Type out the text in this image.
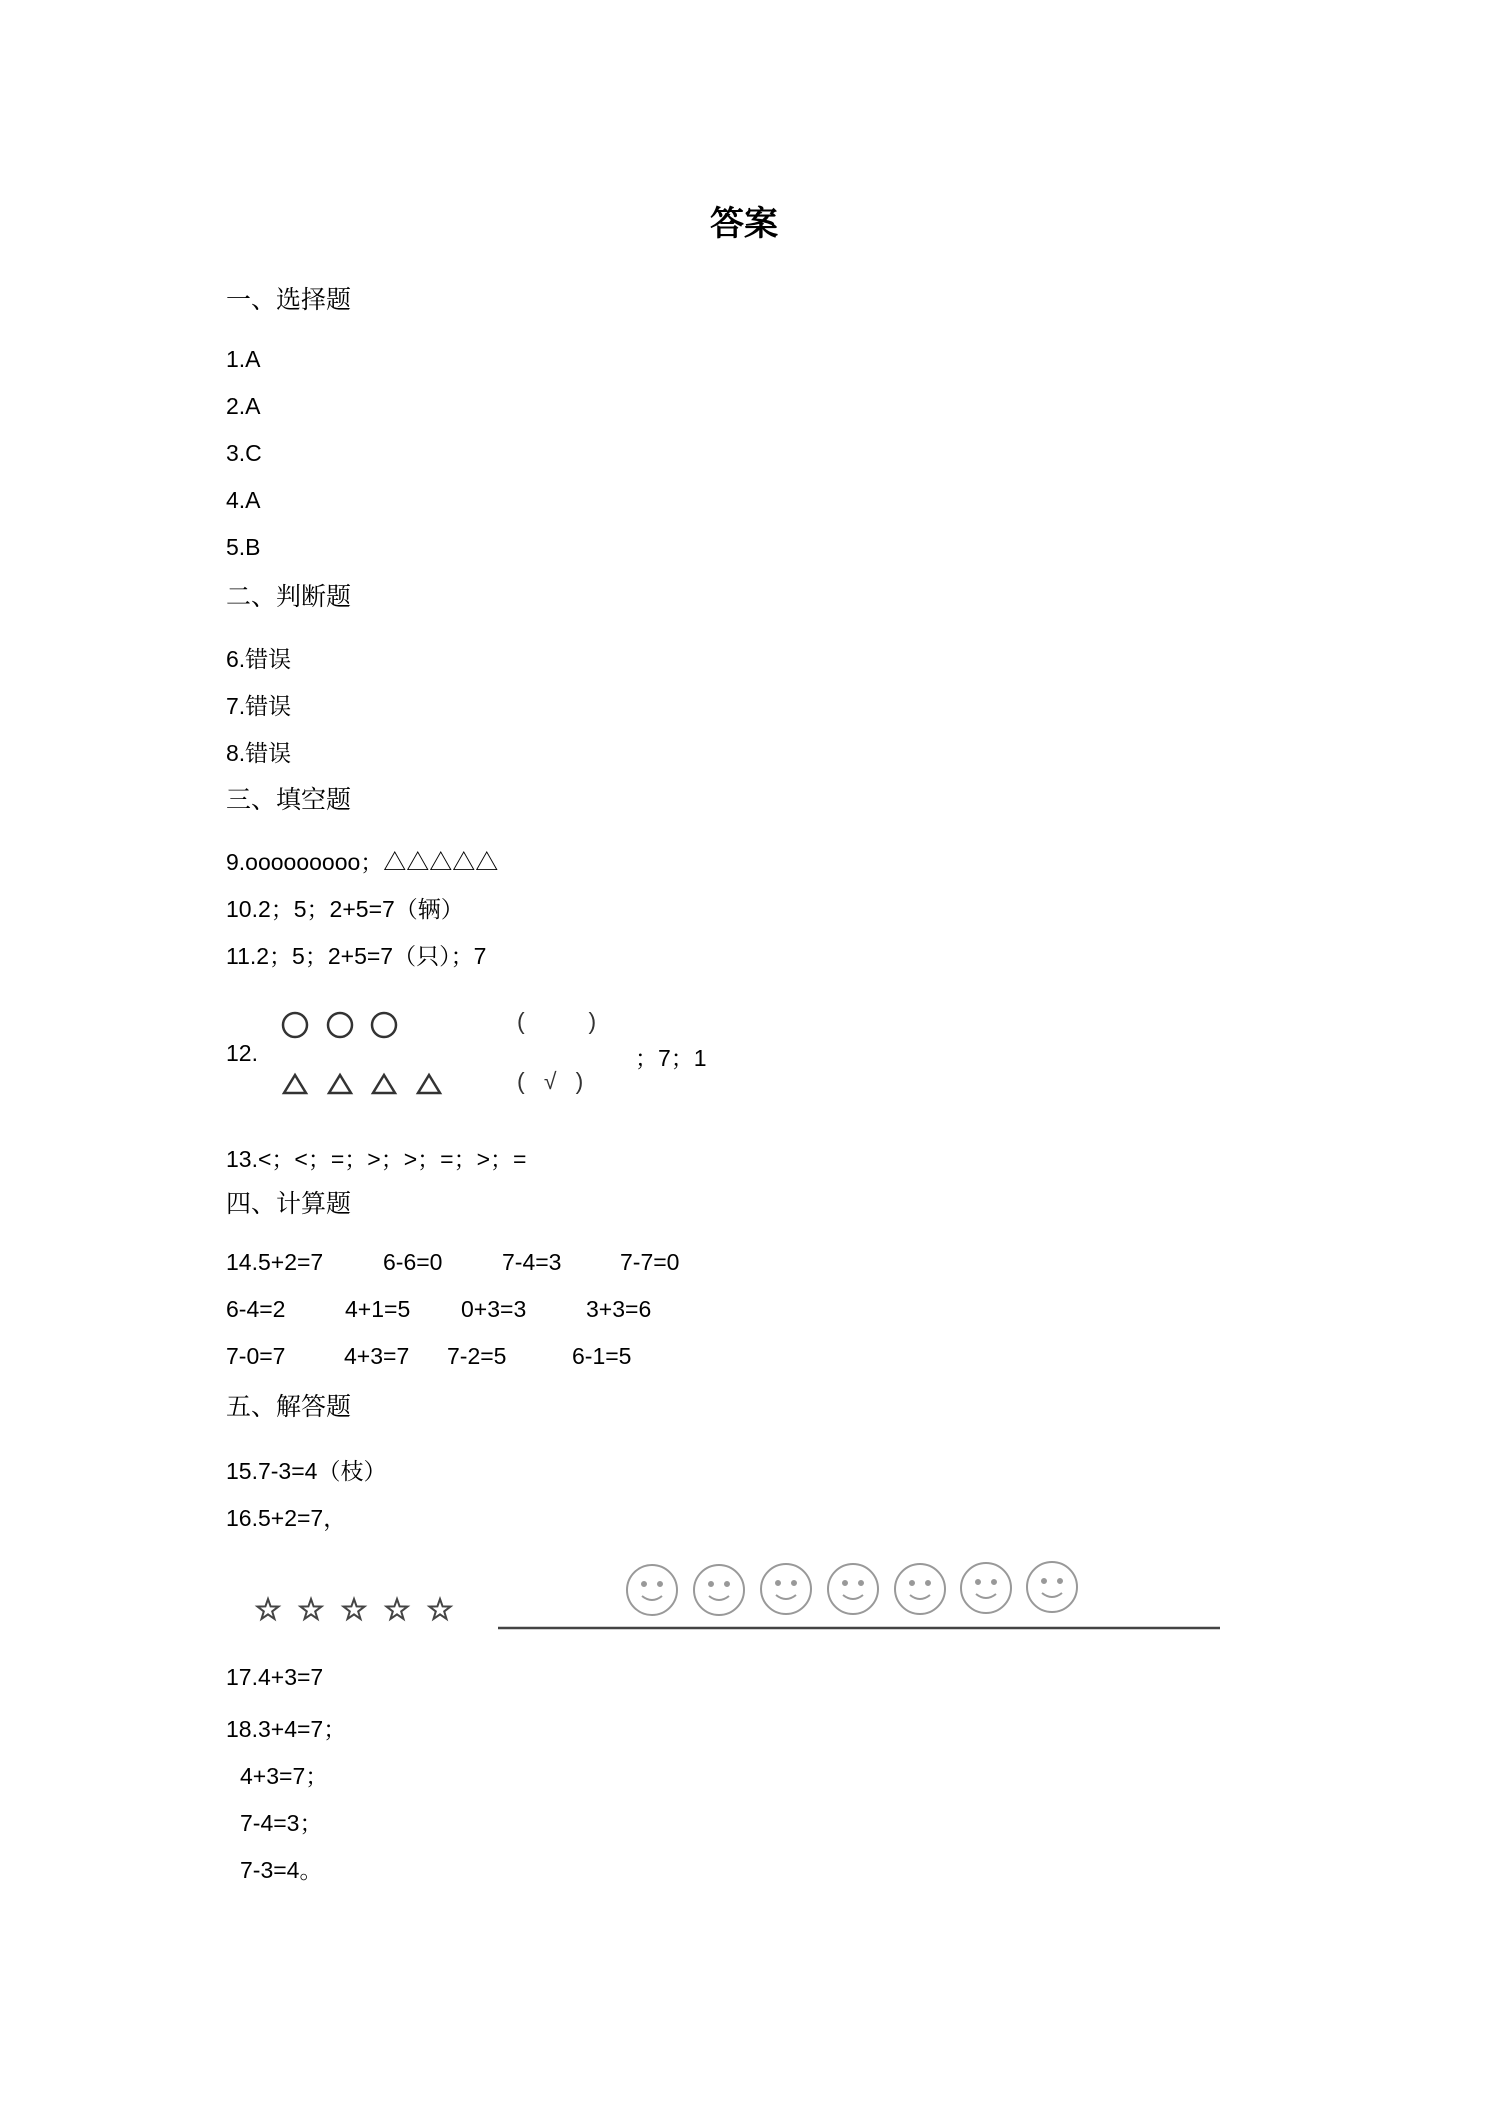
答案
一、选择题
1.A
2.A
3.C
4.A
5.B
二、判断题
6.错误
7.错误
8.错误
三、填空题
9.ooooooooo；△△△△△
10.2；5；2+5=7（辆）
11.2；5；2+5=7（只）；7
12.
(          )
(   √   )
；7；1
13.<；<；=；>；>；=；>；=
四、计算题
14.5+2=7	6-6=0	7-4=3	7-7=0
6-4=2	4+1=5 0+3=3	3+3=6
7-0=7	4+3=7 7-2=5	6-1=5
五、解答题
15.7-3=4（枝）
16.5+2=7，
17.4+3=7
18.3+4=7；
4+3=7；
7-4=3；
7-3=4。
